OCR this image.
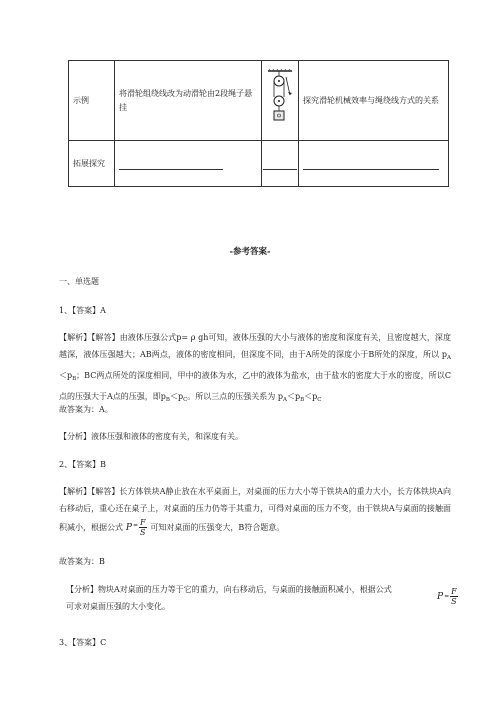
示例	将滑轮组绕线改为动滑轮由2段绳子悬挂		探究滑轮机械效率与绳绕线方式的关系
拓展探究			
-参考答案-

一、单选题

1、【答案】A

【解析】【解答】由液体压强公式p= ρ gh可知，液体压强的大小与液体的密度和深度有关，且密度越大，深度越深，液体压强越大；AB两点，液体的密度相同，但深度不同，由于A所处的深度小于B所处的深度，所以 $p_A<p_B$；BC两点所处的深度相同，甲中的液体为水，乙中的液体为盐水，由于盐水的密度大于水的密度，所以C点的压强大于A点的压强，即$p_B<p_C$。所以三点的压强关系为 $p_A<p_B<p_C$

故答案为：A。

【分析】液体压强和液体的密度有关，和深度有关。

2、【答案】B

【解析】【解答】长方体铁块A静止放在水平桌面上，对桌面的压力大小等于铁块A的重力大小，长方体铁块A向右移动后，重心还在桌子上，对桌面的压力仍等于其重力，可得对桌面的压力不变，由于铁块A与桌面的接触面积减小，根据公式 $P^= \frac{F}{S}$ 可知对桌面的压强变大，B符合题意。

故答案为：B

【分析】物块A对桌面的压力等于它的重力，向右移动后，与桌面的接触面积减小，根据公式
可求对桌面压强的大小变化。

$P = \frac{F}{S}$

3、【答案】C
